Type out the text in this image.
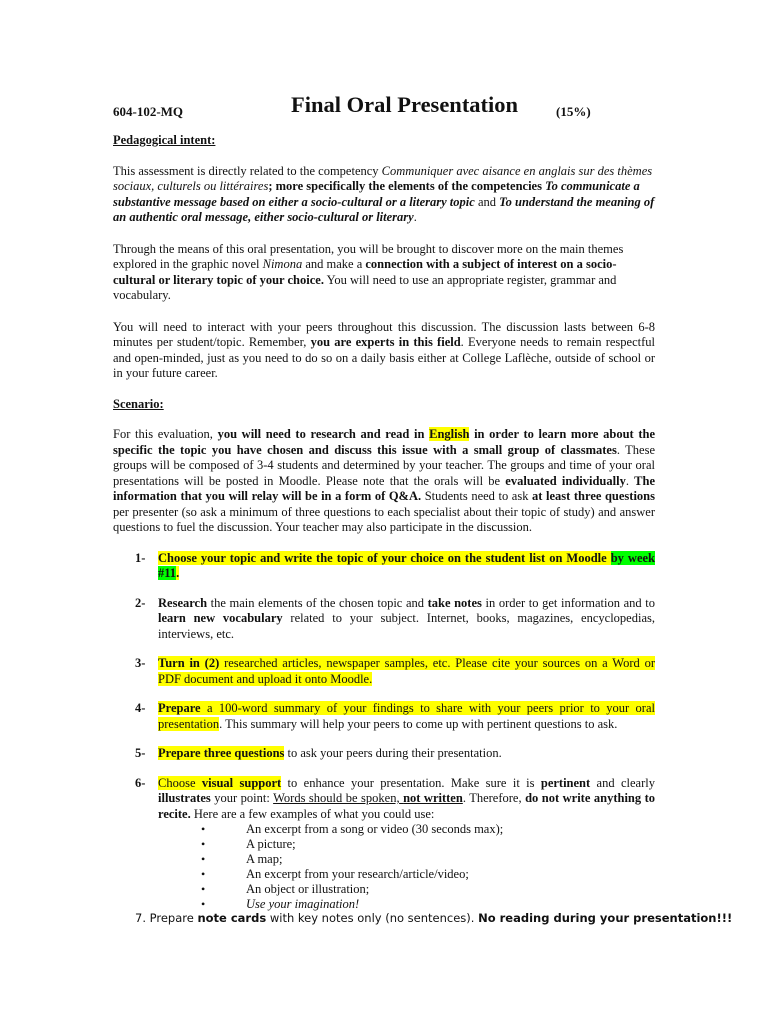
604-102-MQ	Final Oral Presentation	(15%)
Pedagogical intent:

This assessment is directly related to the competency Communiquer avec aisance en anglais sur des thèmes sociaux, culturels ou littéraires; more specifically the elements of the competencies To communicate a substantive message based on either a socio-cultural or a literary topic and To understand the meaning of an authentic oral message, either socio-cultural or literary.

Through the means of this oral presentation, you will be brought to discover more on the main themes explored in the graphic novel Nimona and make a connection with a subject of interest on a socio-cultural or literary topic of your choice. You will need to use an appropriate register, grammar and vocabulary.

You will need to interact with your peers throughout this discussion. The discussion lasts between 6-8 minutes per student/topic. Remember, you are experts in this field. Everyone needs to remain respectful and open-minded, just as you need to do so on a daily basis either at College Laflèche, outside of school or in your future career.

Scenario:

For this evaluation, you will need to research and read in English in order to learn more about the specific the topic you have chosen and discuss this issue with a small group of classmates. These groups will be composed of 3-4 students and determined by your teacher. The groups and time of your oral presentations will be posted in Moodle. Please note that the orals will be evaluated individually. The information that you will relay will be in a form of Q&A. Students need to ask at least three questions per presenter (so ask a minimum of three questions to each specialist about their topic of study) and answer questions to fuel the discussion. Your teacher may also participate in the discussion.

1- Choose your topic and write the topic of your choice on the student list on Moodle by week #11.
2- Research the main elements of the chosen topic and take notes in order to get information and to learn new vocabulary related to your subject. Internet, books, magazines, encyclopedias, interviews, etc.
3- Turn in (2) researched articles, newspaper samples, etc. Please cite your sources on a Word or PDF document and upload it onto Moodle.
4- Prepare a 100-word summary of your findings to share with your peers prior to your oral presentation. This summary will help your peers to come up with pertinent questions to ask.
5- Prepare three questions to ask your peers during their presentation.
6- Choose visual support to enhance your presentation. Make sure it is pertinent and clearly illustrates your point: Words should be spoken, not written. Therefore, do not write anything to recite. Here are a few examples of what you could use:
•	An excerpt from a song or video (30 seconds max);
•	A picture;
•	A map;
•	An excerpt from your research/article/video;
•	An object or illustration;
•	Use your imagination!
7. Prepare note cards with key notes only (no sentences). No reading during your presentation!!!
